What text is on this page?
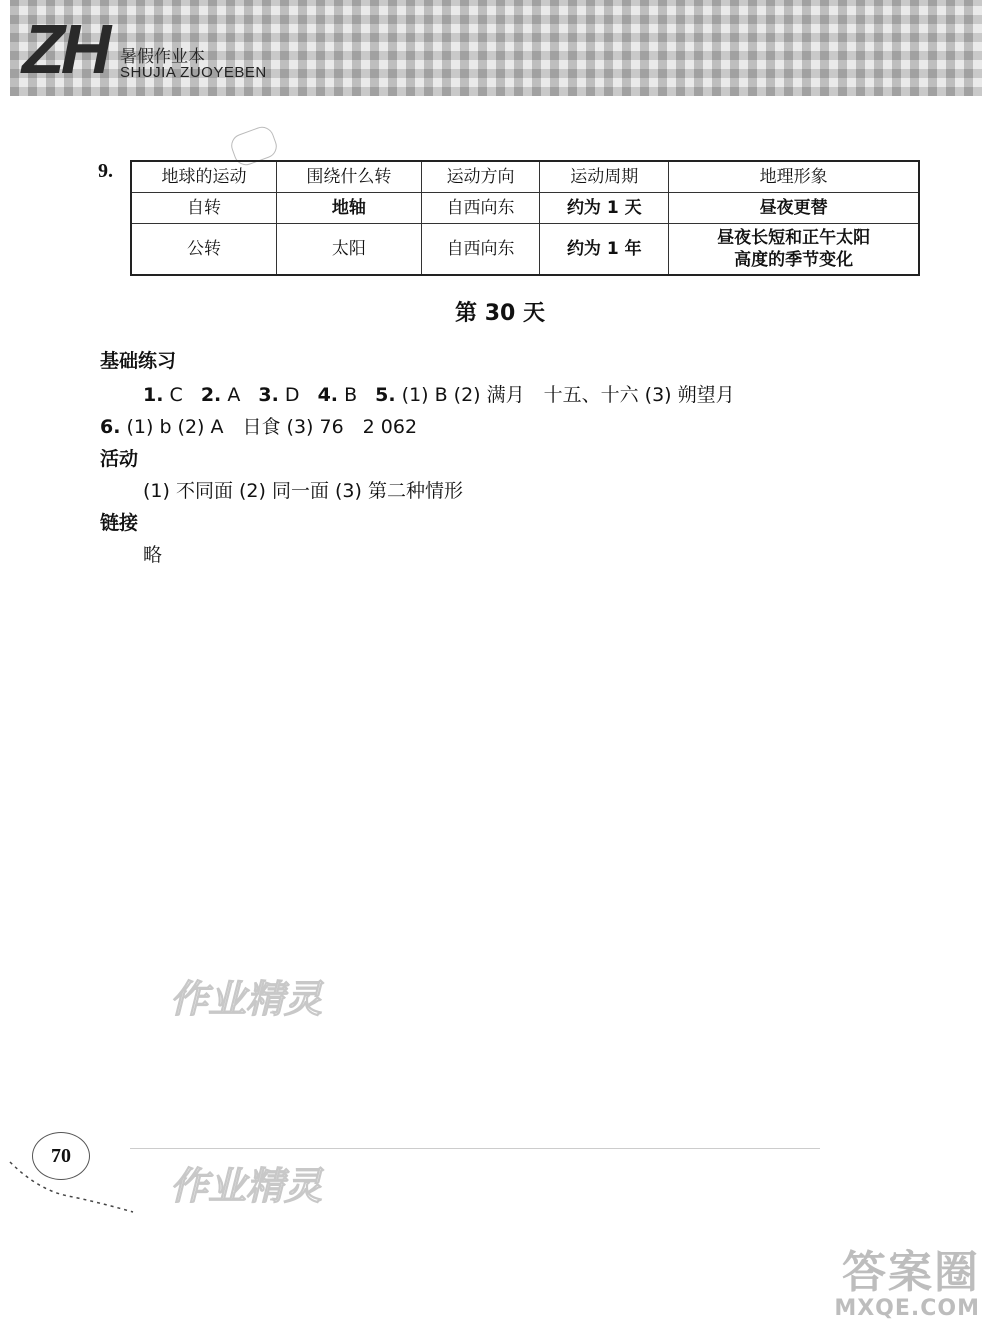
ZH 暑假作业本
SHUJIA ZUOYEBEN
9.	地球的运动	围绕什么转	运动方向	运动周期	地理形象
自转	地轴	自西向东	约为 1 天	昼夜更替
公转	太阳	自西向东	约为 1 年	昼夜长短和正午太阳
高度的季节变化
第 30 天
基础练习
1. C 2. A 3. D 4. B 5. (1) B (2) 满月　十五、十六 (3) 朔望月
6. (1) b (2) A　日食 (3) 76　2 062
活动
(1) 不同面 (2) 同一面 (3) 第二种情形
链接
略
作业精灵
作业精灵
70
答案圈
MXQE.COM
